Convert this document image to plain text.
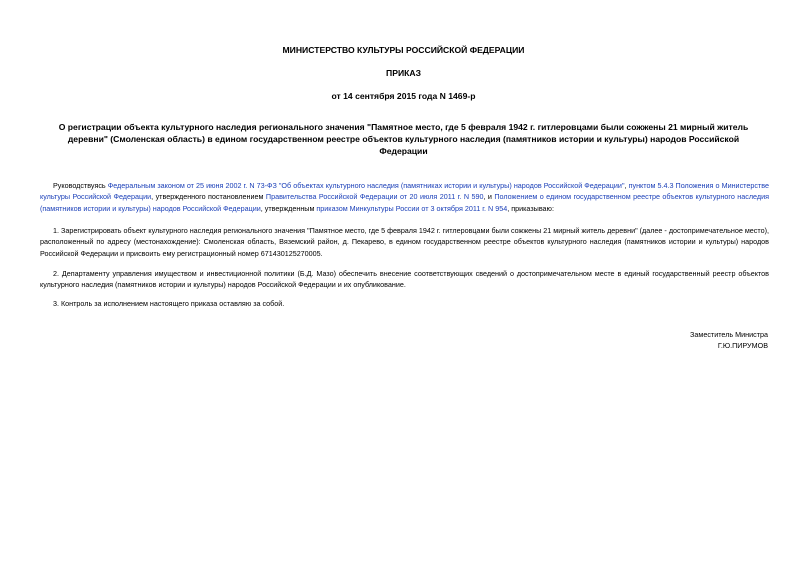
МИНИСТЕРСТВО КУЛЬТУРЫ РОССИЙСКОЙ ФЕДЕРАЦИИ
ПРИКАЗ
от 14 сентября 2015 года N 1469-р
О регистрации объекта культурного наследия регионального значения "Памятное место, где 5 февраля 1942 г. гитлеровцами были сожжены 21 мирный житель деревни" (Смоленская область) в едином государственном реестре объектов культурного наследия (памятников истории и культуры) народов Российской Федерации
Руководствуясь Федеральным законом от 25 июня 2002 г. N 73-ФЗ "Об объектах культурного наследия (памятниках истории и культуры) народов Российской Федерации", пунктом 5.4.3 Положения о Министерстве культуры Российской Федерации, утвержденного постановлением Правительства Российской Федерации от 20 июля 2011 г. N 590, и Положением о едином государственном реестре объектов культурного наследия (памятников истории и культуры) народов Российской Федерации, утвержденным приказом Минкультуры России от 3 октября 2011 г. N 954, приказываю:
1. Зарегистрировать объект культурного наследия регионального значения "Памятное место, где 5 февраля 1942 г. гитлеровцами были сожжены 21 мирный житель деревни" (далее - достопримечательное место), расположенный по адресу (местонахождение): Смоленская область, Вяземский район, д. Пекарево, в едином государственном реестре объектов культурного наследия (памятников истории и культуры) народов Российской Федерации и присвоить ему регистрационный номер 671430125270005.
2. Департаменту управления имуществом и инвестиционной политики (Б.Д. Мазо) обеспечить внесение соответствующих сведений о достопримечательном месте в единый государственный реестр объектов культурного наследия (памятников истории и культуры) народов Российской Федерации и их опубликование.
3. Контроль за исполнением настоящего приказа оставляю за собой.
Заместитель Министра
Г.Ю.ПИРУМОВ
